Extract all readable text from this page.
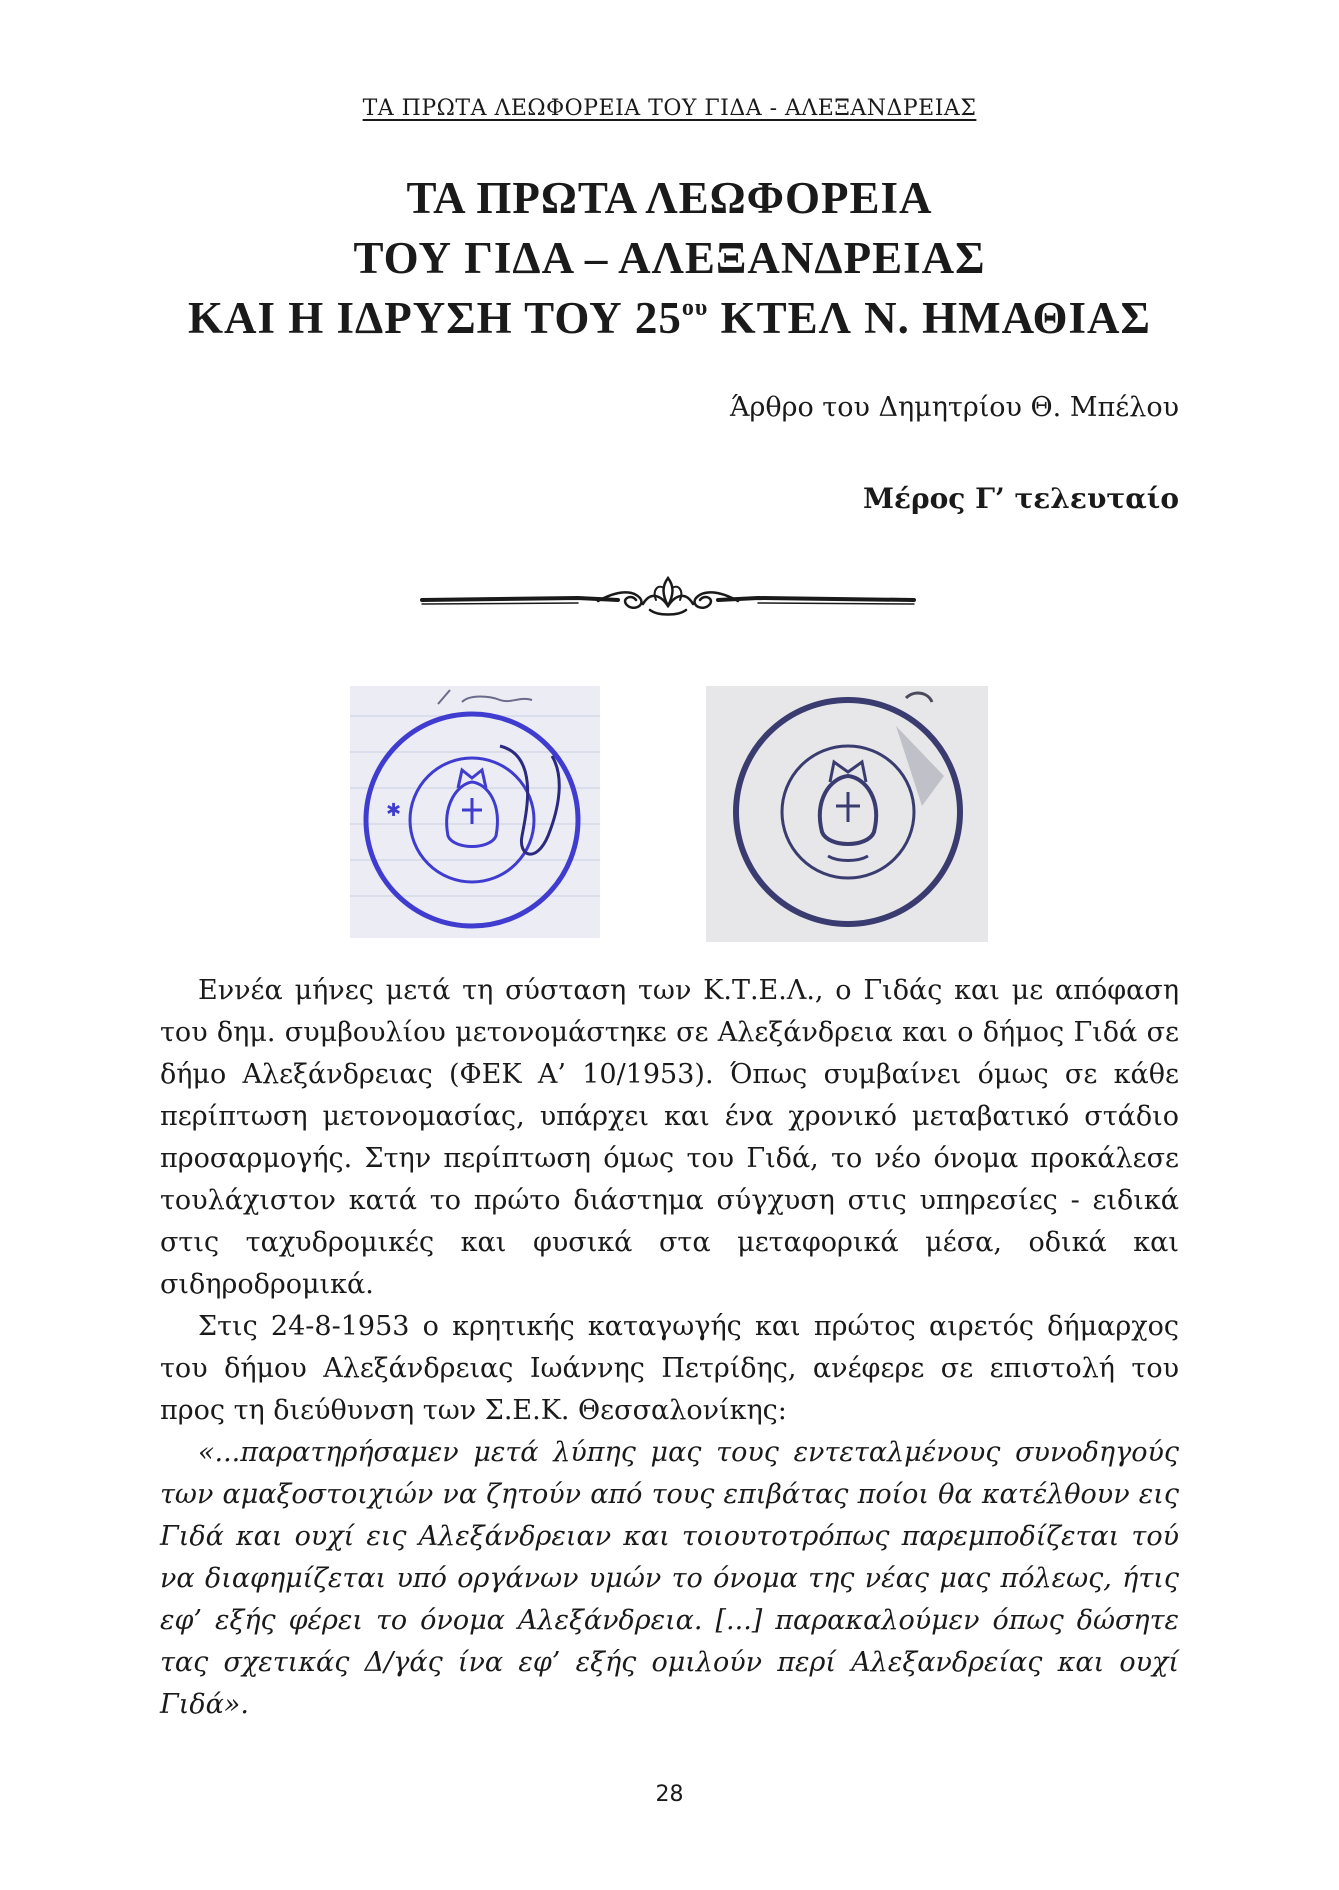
ΤΑ ΠΡΩΤΑ ΛΕΩΦΟΡΕΙΑ ΤΟΥ ΓΙΔΑ - ΑΛΕΞΑΝΔΡΕΙΑΣ
ΤΑ ΠΡΩΤΑ ΛΕΩΦΟΡΕΙΑ
ΤΟΥ ΓΙΔΑ – ΑΛΕΞΑΝΔΡΕΙΑΣ
ΚΑΙ Η ΙΔΡΥΣΗ ΤΟΥ $25^{o\upsilon}$ ΚΤΕΛ Ν. ΗΜΑΘΙΑΣ
Άρθρο του Δημητρίου Θ. Μπέλου
Μέρος Γ’ τελευταίο
✱

Εννέα μήνες μετά τη σύσταση των Κ.Τ.Ε.Λ., ο Γιδάς και με απόφαση του δημ. συμβουλίου μετονομάστηκε σε Αλεξάνδρεια και ο δήμος Γιδά σε δήμο Αλεξάνδρειας (ΦΕΚ Α’ 10/1953). Όπως συμβαίνει όμως σε κάθε περίπτωση μετονομασίας, υπάρχει και ένα χρονικό μεταβατικό στάδιο προσαρμογής. Στην περίπτωση όμως του Γιδά, το νέο όνομα προκάλεσε τουλάχιστον κατά το πρώτο διάστημα σύγχυση στις υπηρεσίες - ειδικά στις ταχυδρομικές και φυσικά στα μεταφορικά μέσα, οδικά και σιδηροδρομικά.

Στις 24-8-1953 ο κρητικής καταγωγής και πρώτος αιρετός δήμαρχος του δήμου Αλεξάνδρειας Ιωάννης Πετρίδης, ανέφερε σε επιστολή του προς τη διεύθυνση των Σ.Ε.Κ. Θεσσαλονίκης:

«...παρατηρήσαμεν μετά λύπης μας τους εντεταλμένους συνοδηγούς των αμαξοστοιχιών να ζητούν από τους επιβάτας ποίοι θα κατέλθουν εις Γιδά και ουχί εις Αλεξάνδρειαν και τοιουτοτρόπως παρεμποδίζεται τού να διαφημίζεται υπό οργάνων υμών το όνομα της νέας μας πόλεως, ήτις εφ’ εξής φέρει το όνομα Αλεξάνδρεια. [...] παρακαλούμεν όπως δώσητε τας σχετικάς Δ/γάς ίνα εφ’ εξής ομιλούν περί Αλεξανδρείας και ουχί Γιδά».

28
